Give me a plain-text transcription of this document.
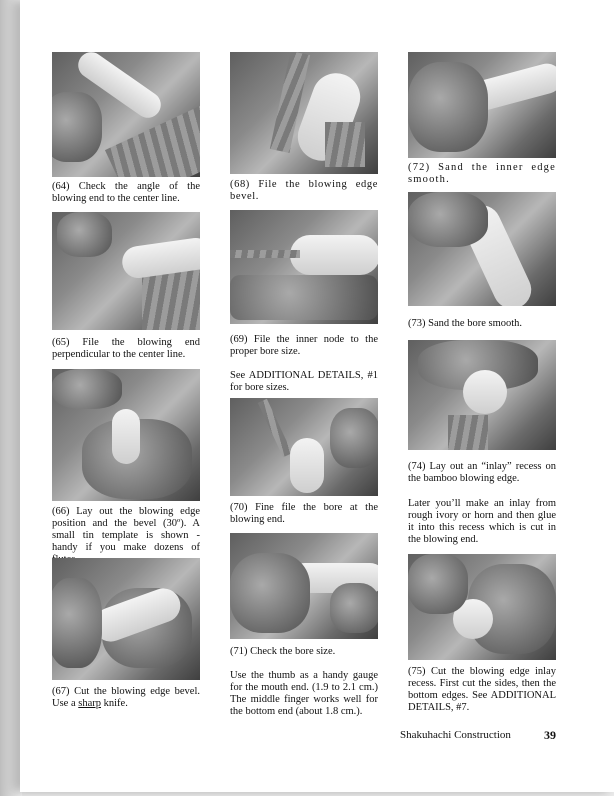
(64) Check the angle of the blowing end to the center line.
(65) File the blowing end perpendicular to the center line.
(66) Lay out the blowing edge position and the bevel (30º). A small tin template is shown - handy if you make dozens of
(67) Cut the blowing edge bevel. Use a sharp knife.
(68) File the blowing edge bevel.
(69) File the inner node to the proper bore size.
See ADDITIONAL DETAILS, #1 for bore sizes.
(70) Fine file the bore at the blowing end.
(71) Check the bore size.
Use the thumb as a handy gauge for the mouth end. (1.9 to 2.1 cm.) The middle finger works well for the bottom end (about 1.8 cm.).
(72) Sand the inner edge smooth.
(73) Sand the bore smooth.
(74) Lay out an “inlay” recess on the bamboo blowing edge.
Later you’ll make an inlay from rough ivory or horn and then glue it into this recess which is cut in the blowing end.
(75) Cut the blowing edge inlay recess. First cut the sides, then the bottom edges. See ADDITIONAL DETAILS, #7.
Shakuhachi Construction	39
